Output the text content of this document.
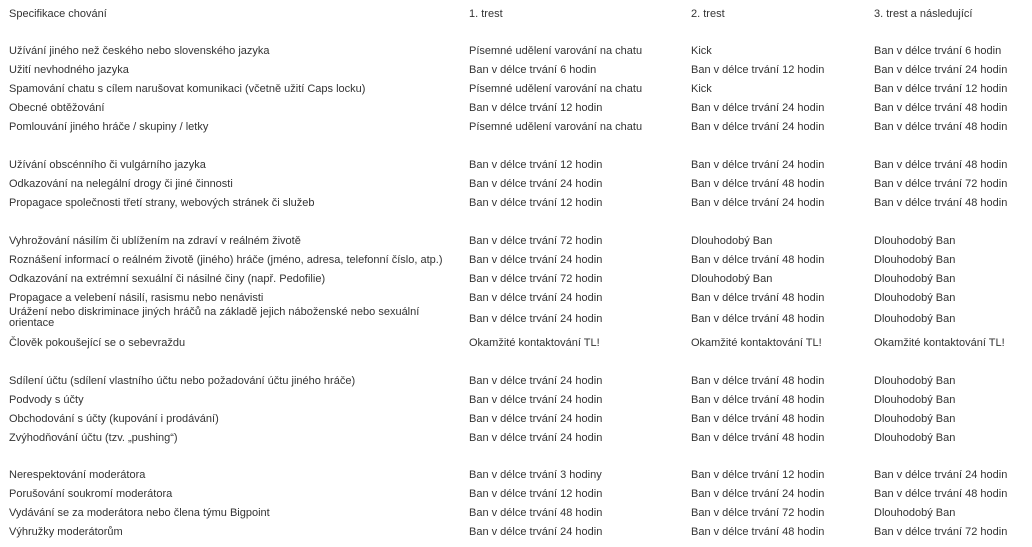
Specifikace chování	1. trest	2. trest	3. trest a následující
Užívání jiného než českého nebo slovenského jazyka	Písemné udělení varování na chatu	Kick	Ban v délce trvání 6 hodin
Užití nevhodného jazyka	Ban v délce trvání 6 hodin	Ban v délce trvání 12 hodin	Ban v délce trvání 24 hodin
Spamování chatu s cílem narušovat komunikaci (včetně užití Caps locku)	Písemné udělení varování na chatu	Kick	Ban v délce trvání 12 hodin
Obecné obtěžování	Ban v délce trvání 12 hodin	Ban v délce trvání 24 hodin	Ban v délce trvání 48 hodin
Pomlouvání jiného hráče / skupiny / letky	Písemné udělení varování na chatu	Ban v délce trvání 24 hodin	Ban v délce trvání 48 hodin
Užívání obscénního či vulgárního jazyka	Ban v délce trvání 12 hodin	Ban v délce trvání 24 hodin	Ban v délce trvání 48 hodin
Odkazování na nelegální drogy či jiné činnosti	Ban v délce trvání 24 hodin	Ban v délce trvání 48 hodin	Ban v délce trvání 72 hodin
Propagace společnosti třetí strany, webových stránek či služeb	Ban v délce trvání 12 hodin	Ban v délce trvání 24 hodin	Ban v délce trvání 48 hodin
Vyhrožování násilím či ublížením na zdraví v reálném životě	Ban v délce trvání 72 hodin	Dlouhodobý Ban	Dlouhodobý Ban
Roznášení informací o reálném životě (jiného) hráče (jméno, adresa, telefonní číslo, atp.)	Ban v délce trvání 24 hodin	Ban v délce trvání 48 hodin	Dlouhodobý Ban
Odkazování na extrémní sexuální či násilné činy (např. Pedofilie)	Ban v délce trvání 72 hodin	Dlouhodobý Ban	Dlouhodobý Ban
Propagace a velebení násilí, rasismu nebo nenávisti	Ban v délce trvání 24 hodin	Ban v délce trvání 48 hodin	Dlouhodobý Ban
Urážení nebo diskriminace jiných hráčů na základě jejich náboženské nebo sexuální orientace	Ban v délce trvání 24 hodin	Ban v délce trvání 48 hodin	Dlouhodobý Ban
Člověk pokoušející se o sebevraždu	Okamžité kontaktování TL!	Okamžité kontaktování TL!	Okamžité kontaktování TL!
Sdílení účtu (sdílení vlastního účtu nebo požadování účtu jiného hráče)	Ban v délce trvání 24 hodin	Ban v délce trvání 48 hodin	Dlouhodobý Ban
Podvody s účty	Ban v délce trvání 24 hodin	Ban v délce trvání 48 hodin	Dlouhodobý Ban
Obchodování s účty (kupování i prodávání)	Ban v délce trvání 24 hodin	Ban v délce trvání 48 hodin	Dlouhodobý Ban
Zvýhodňování účtu (tzv. „pushing“)	Ban v délce trvání 24 hodin	Ban v délce trvání 48 hodin	Dlouhodobý Ban
Nerespektování moderátora	Ban v délce trvání 3 hodiny	Ban v délce trvání 12 hodin	Ban v délce trvání 24 hodin
Porušování soukromí moderátora	Ban v délce trvání 12 hodin	Ban v délce trvání 24 hodin	Ban v délce trvání 48 hodin
Vydávání se za moderátora nebo člena týmu Bigpoint	Ban v délce trvání 48 hodin	Ban v délce trvání 72 hodin	Dlouhodobý Ban
Výhružky moderátorům	Ban v délce trvání 24 hodin	Ban v délce trvání 48 hodin	Ban v délce trvání 72 hodin
